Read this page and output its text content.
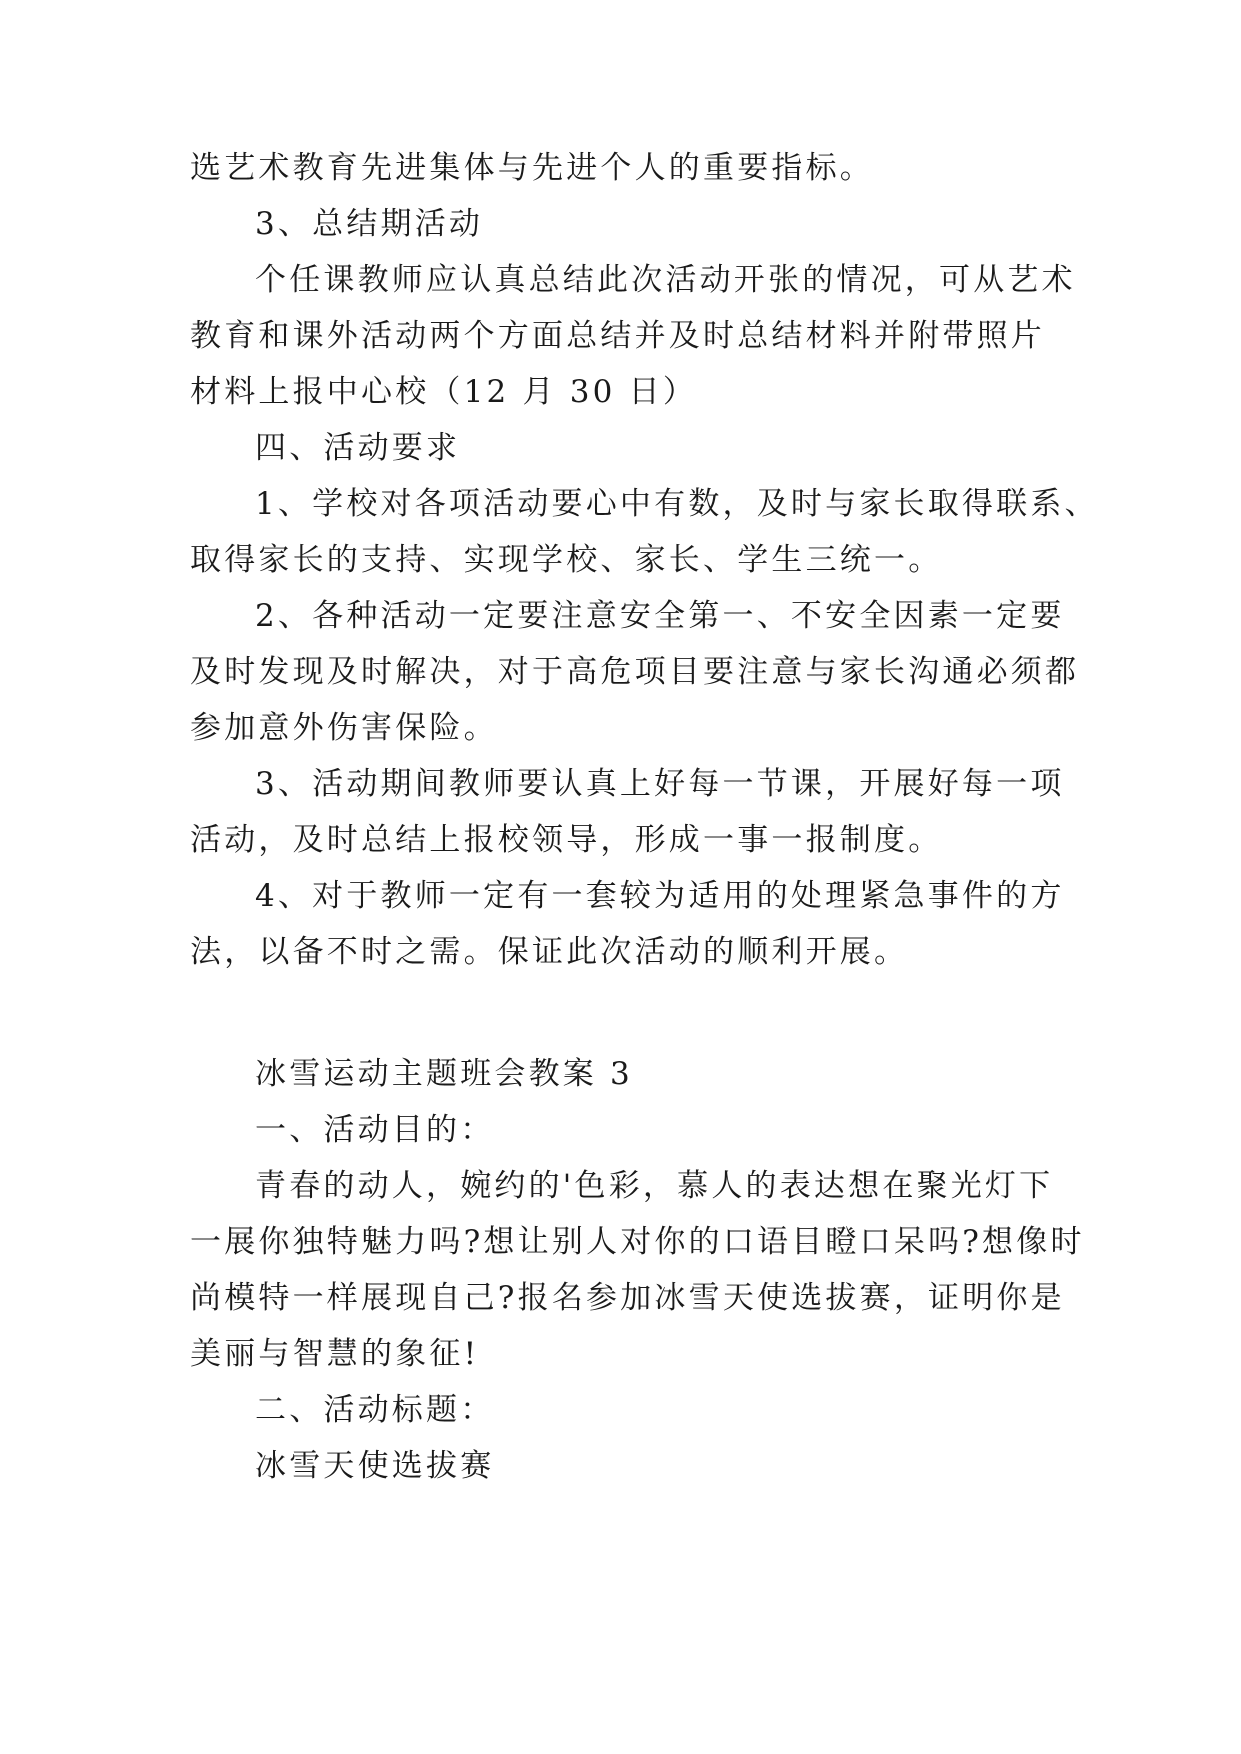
选艺术教育先进集体与先进个人的重要指标。

3、总结期活动

个任课教师应认真总结此次活动开张的情况，可从艺术

教育和课外活动两个方面总结并及时总结材料并附带照片

材料上报中心校（12 月 30 日）

四、活动要求

1、学校对各项活动要心中有数，及时与家长取得联系、

取得家长的支持、实现学校、家长、学生三统一。

2、各种活动一定要注意安全第一、不安全因素一定要

及时发现及时解决，对于高危项目要注意与家长沟通必须都

参加意外伤害保险。

3、活动期间教师要认真上好每一节课，开展好每一项

活动，及时总结上报校领导，形成一事一报制度。

4、对于教师一定有一套较为适用的处理紧急事件的方

法，以备不时之需。保证此次活动的顺利开展。

冰雪运动主题班会教案 3

一、活动目的：

青春的动人，婉约的'色彩，慕人的表达想在聚光灯下

一展你独特魅力吗?想让别人对你的口语目瞪口呆吗?想像时

尚模特一样展现自己?报名参加冰雪天使选拔赛，证明你是

美丽与智慧的象征!

二、活动标题：

冰雪天使选拔赛
